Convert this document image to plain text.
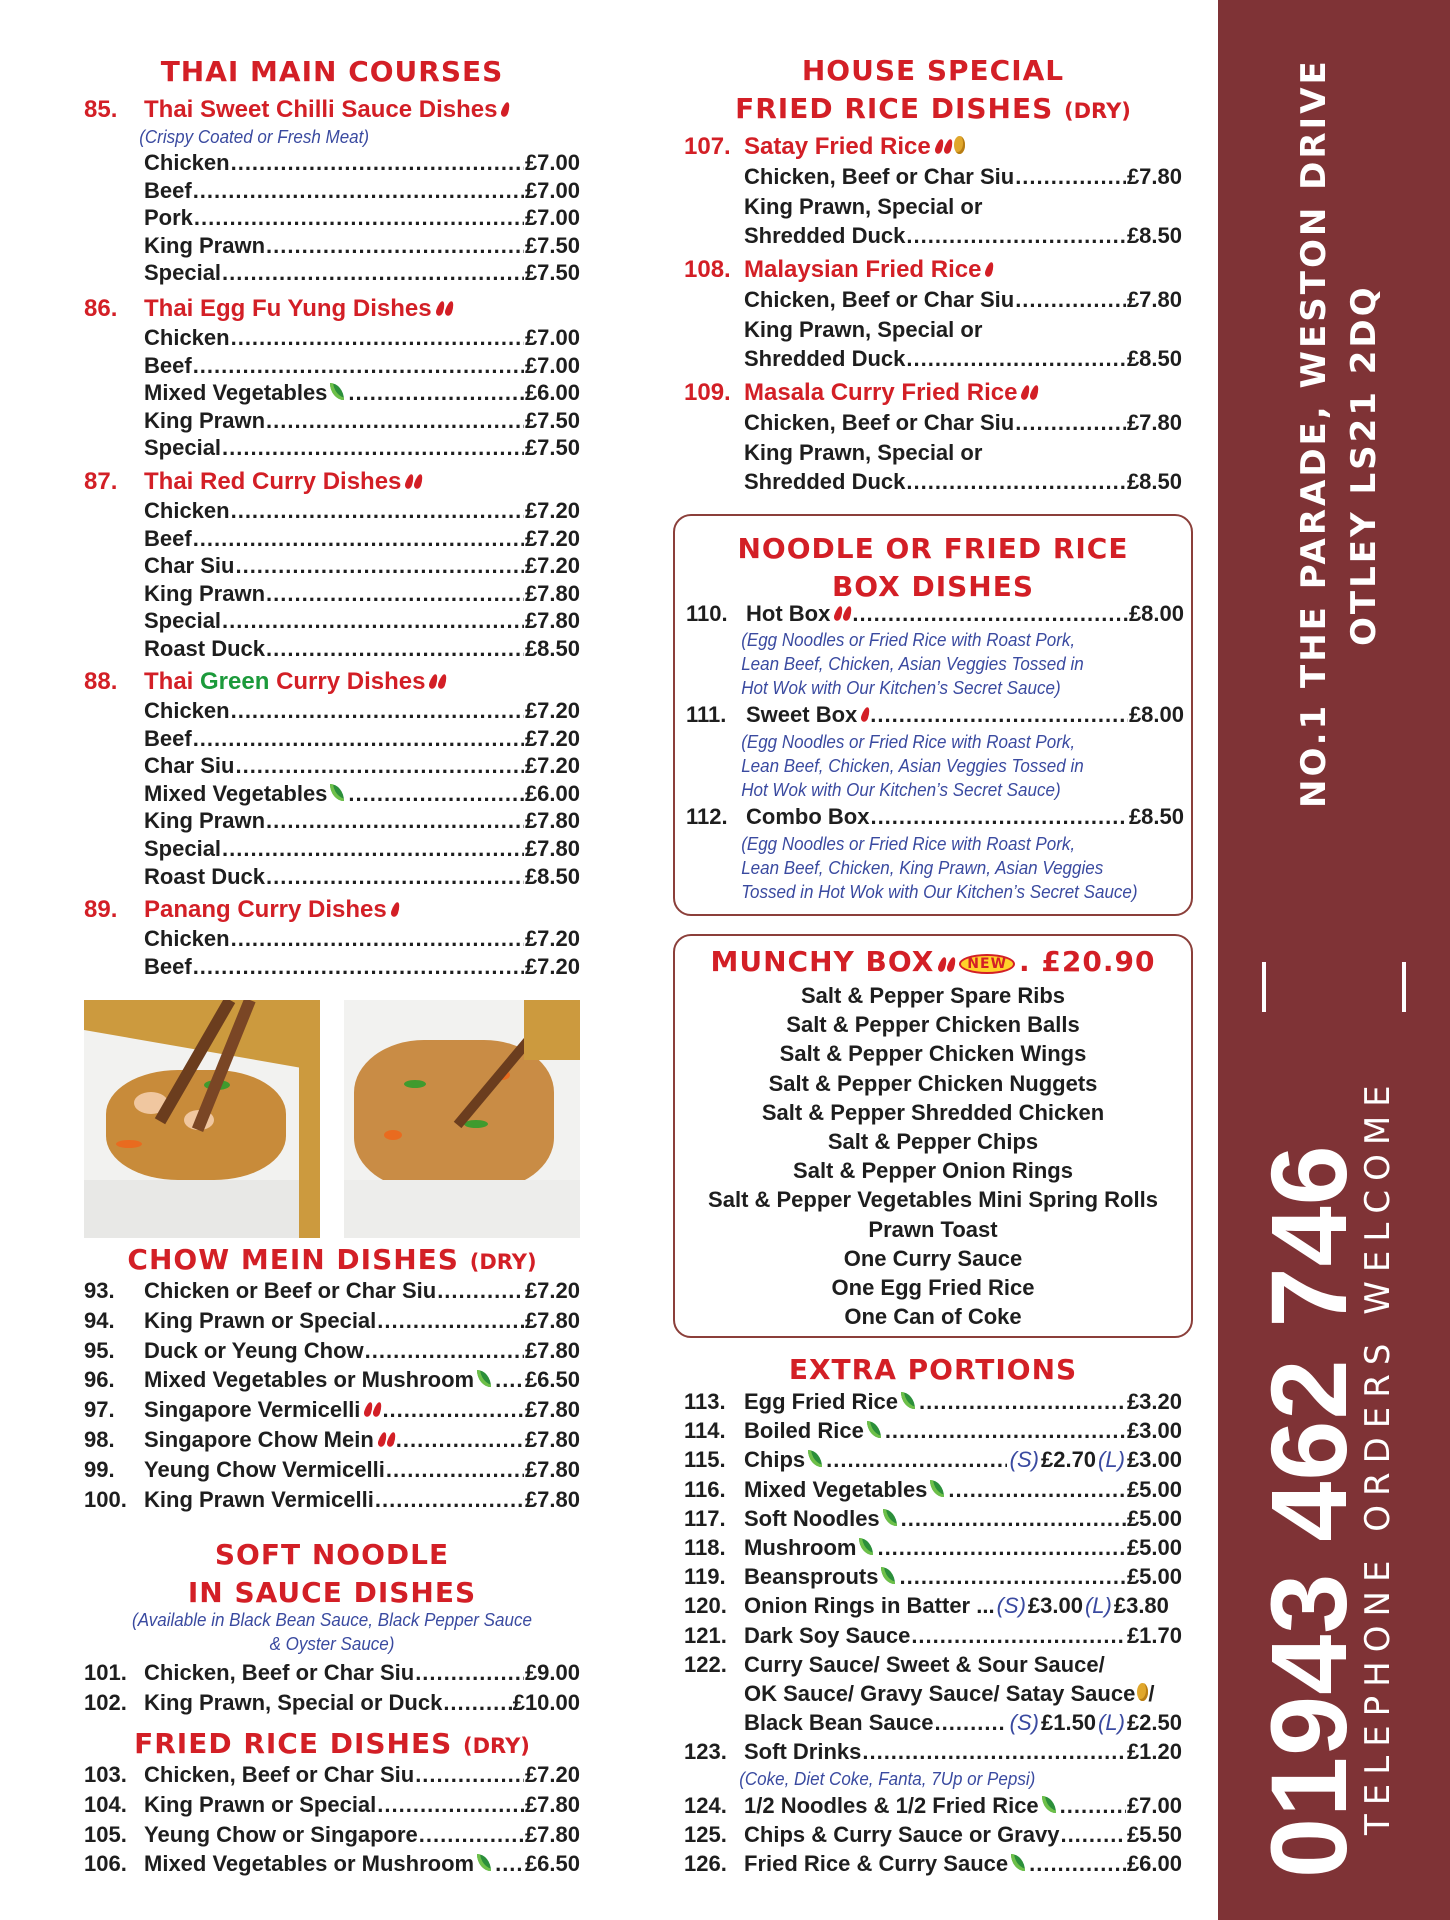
THAI MAIN COURSES
85.	Thai Sweet Chilli Sauce Dishes
(Crispy Coated or Fresh Meat)
Chicken .....	£7.00
Beef .....	£7.00
Pork .....	£7.00
King Prawn .....	£7.50
Special .....	£7.50
86.	Thai Egg Fu Yung Dishes
Chicken .....	£7.00
Beef .....	£7.00
Mixed Vegetables .....	£6.00
King Prawn .....	£7.50
Special .....	£7.50
87.	Thai Red Curry Dishes
Chicken .....	£7.20
Beef .....	£7.20
Char Siu .....	£7.20
King Prawn .....	£7.80
Special .....	£7.80
Roast Duck .....	£8.50
88.	Thai
Green
Curry Dishes
Chicken .....	£7.20
Beef .....	£7.20
Char Siu .....	£7.20
Mixed Vegetables .....	£6.00
King Prawn .....	£7.80
Special .....	£7.80
Roast Duck .....	£8.50
89.	Panang Curry Dishes
Chicken .....	£7.20
Beef .....	£7.20
CHOW MEIN DISHES (DRY)
93.	Chicken or Beef or Char Siu .....	£7.20
94.	King Prawn or Special .....	£7.80
95.	Duck or Yeung Chow .....	£7.80
96.	Mixed Vegetables or Mushroom ..... £6.50
97.	Singapore Vermicelli .....	£7.80
98.	Singapore Chow Mein .....	£7.80
99.	Yeung Chow Vermicelli .....	£7.80
100. King Prawn Vermicelli .....	£7.80
SOFT NOODLE
IN SAUCE DISHES
(Available in Black Bean Sauce, Black Pepper Sauce
& Oyster Sauce)
101. Chicken, Beef or Char Siu .....	£9.00
102. King Prawn, Special or Duck .....	£10.00
FRIED RICE DISHES (DRY)
103. Chicken, Beef or Char Siu .....	£7.20
104. King Prawn or Special .....	£7.80
105. Yeung Chow or Singapore .....	£7.80
106. Mixed Vegetables or Mushroom ..... £6.50
HOUSE SPECIAL
FRIED RICE DISHES (DRY)
107. Satay Fried Rice
Chicken, Beef or Char Siu .....	£7.80
King Prawn, Special or
Shredded Duck .....	£8.50
108. Malaysian Fried Rice
Chicken, Beef or Char Siu .....	£7.80
King Prawn, Special or
Shredded Duck .....	£8.50
109. Masala Curry Fried Rice
Chicken, Beef or Char Siu .....	£7.80
King Prawn, Special or
Shredded Duck .....	£8.50
NOODLE OR FRIED RICE
BOX DISHES
110. Hot Box .....	£8.00
(Egg Noodles or Fried Rice with Roast Pork,
Lean Beef, Chicken, Asian Veggies Tossed in
Hot Wok with Our Kitchen’s Secret Sauce)
111. Sweet Box .....	£8.00
(Egg Noodles or Fried Rice with Roast Pork,
Lean Beef, Chicken, Asian Veggies Tossed in
Hot Wok with Our Kitchen’s Secret Sauce)
112. Combo Box .....	£8.50
(Egg Noodles or Fried Rice with Roast Pork,
Lean Beef, Chicken, King Prawn, Asian Veggies
Tossed in Hot Wok with Our Kitchen’s Secret Sauce)
MUNCHY BOX NEW . £20.90
Salt & Pepper Spare Ribs
Salt & Pepper Chicken Balls
Salt & Pepper Chicken Wings
Salt & Pepper Chicken Nuggets
Salt & Pepper Shredded Chicken
Salt & Pepper Chips
Salt & Pepper Onion Rings
Salt & Pepper Vegetables Mini Spring Rolls
Prawn Toast
One Curry Sauce
One Egg Fried Rice
One Can of Coke
EXTRA PORTIONS
113. Egg Fried Rice .....	£3.20
114. Boiled Rice .....	£3.00
115. Chips .....	(S) £2.70 (L) £3.00
116. Mixed Vegetables .....	£5.00
117. Soft Noodles .....	£5.00
118. Mushroom .....	£5.00
119. Beansprouts .....	£5.00
120. Onion Rings in Batter ... (S) £3.00 (L) £3.80
121. Dark Soy Sauce .....	£1.70
122. Curry Sauce/ Sweet & Sour Sauce/
OK Sauce/ Gravy Sauce/ Satay Sauce /
Black Bean Sauce .....	(S) £1.50 (L) £2.50
123. Soft Drinks .....	£1.20
(Coke, Diet Coke, Fanta, 7Up or Pepsi)
124. 1/2 Noodles & 1/2 Fried Rice .....	£7.00
125. Chips & Curry Sauce or Gravy .....	£5.50
126. Fried Rice & Curry Sauce .....	£6.00
NO.1 THE PARADE, WESTON DRIVE OTLEY LS21 2DQ
01943 462 746
TELEPHONE ORDERS WELCOME
